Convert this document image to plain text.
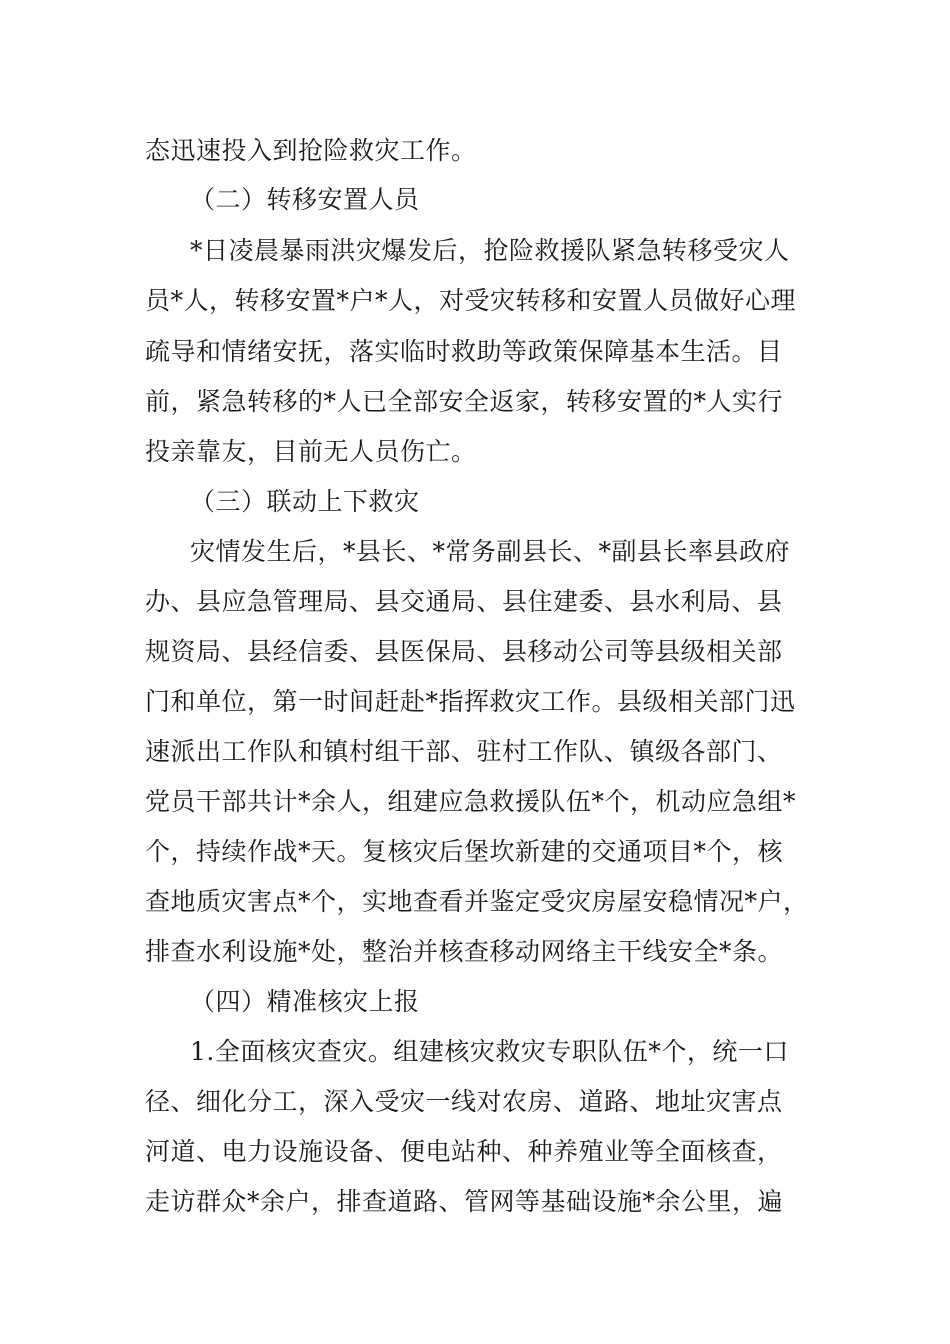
态迅速投入到抢险救灾工作。
（二）转移安置人员
*日凌晨暴雨洪灾爆发后，抢险救援队紧急转移受灾人
员*人，转移安置*户*人，对受灾转移和安置人员做好心理
疏导和情绪安抚，落实临时救助等政策保障基本生活。目
前，紧急转移的*人已全部安全返家，转移安置的*人实行
投亲靠友，目前无人员伤亡。
（三）联动上下救灾
灾情发生后，*县长、*常务副县长、*副县长率县政府
办、县应急管理局、县交通局、县住建委、县水利局、县
规资局、县经信委、县医保局、县移动公司等县级相关部
门和单位，第一时间赶赴*指挥救灾工作。县级相关部门迅
速派出工作队和镇村组干部、驻村工作队、镇级各部门、
党员干部共计*余人，组建应急救援队伍*个，机动应急组*
个，持续作战*天。复核灾后堡坎新建的交通项目*个，核
查地质灾害点*个，实地查看并鉴定受灾房屋安稳情况*户，
排查水利设施*处，整治并核查移动网络主干线安全*条。
（四）精准核灾上报
1.全面核灾查灾。组建核灾救灾专职队伍*个，统一口
径、细化分工，深入受灾一线对农房、道路、地址灾害点
河道、电力设施设备、便电站种、种养殖业等全面核查，
走访群众*余户，排查道路、管网等基础设施*余公里，遍
